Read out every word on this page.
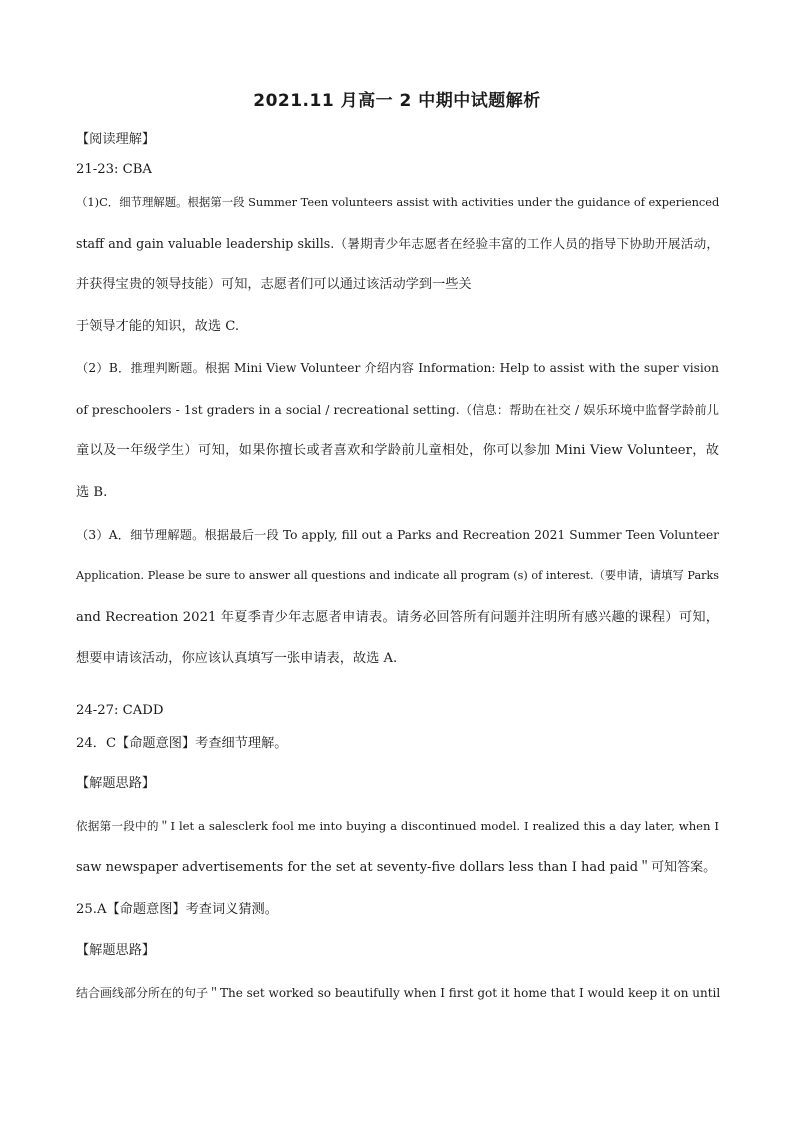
2021.11 月高一 2 中期中试题解析
【阅读理解】
21-23: CBA
（1)C．细节理解题。根据第一段 Summer Teen volunteers assist with activities under the guidance of experienced
staff and gain valuable leadership skills.（暑期青少年志愿者在经验丰富的工作人员的指导下协助开展活动，
并获得宝贵的领导技能）可知，志愿者们可以通过该活动学到一些关
于领导才能的知识，故选 C.
（2）B．推理判断题。根据 Mini View Volunteer 介绍内容 Information: Help to assist with the super vision
of preschoolers - 1st graders in a social / recreational setting.（信息：帮助在社交 / 娱乐环境中监督学龄前儿
童以及一年级学生）可知，如果你擅长或者喜欢和学龄前儿童相处，你可以参加 Mini View Volunteer，故
选 B.
（3）A．细节理解题。根据最后一段 To apply, fill out a Parks and Recreation 2021 Summer Teen Volunteer
Application. Please be sure to answer all questions and indicate all program (s) of interest.（要申请，请填写 Parks
and Recreation 2021 年夏季青少年志愿者申请表。请务必回答所有问题并注明所有感兴趣的课程）可知，
想要申请该活动，你应该认真填写一张申请表，故选 A.
24-27: CADD
24．C【命题意图】考查细节理解。
【解题思路】
依据第一段中的＂I let a salesclerk fool me into buying a discontinued model. I realized this a day later, when I
saw newspaper advertisements for the set at seventy-five dollars less than I had paid＂可知答案。
25.A【命题意图】考查词义猜测。
【解题思路】
结合画线部分所在的句子＂The set worked so beautifully when I first got it home that I would keep it on until
